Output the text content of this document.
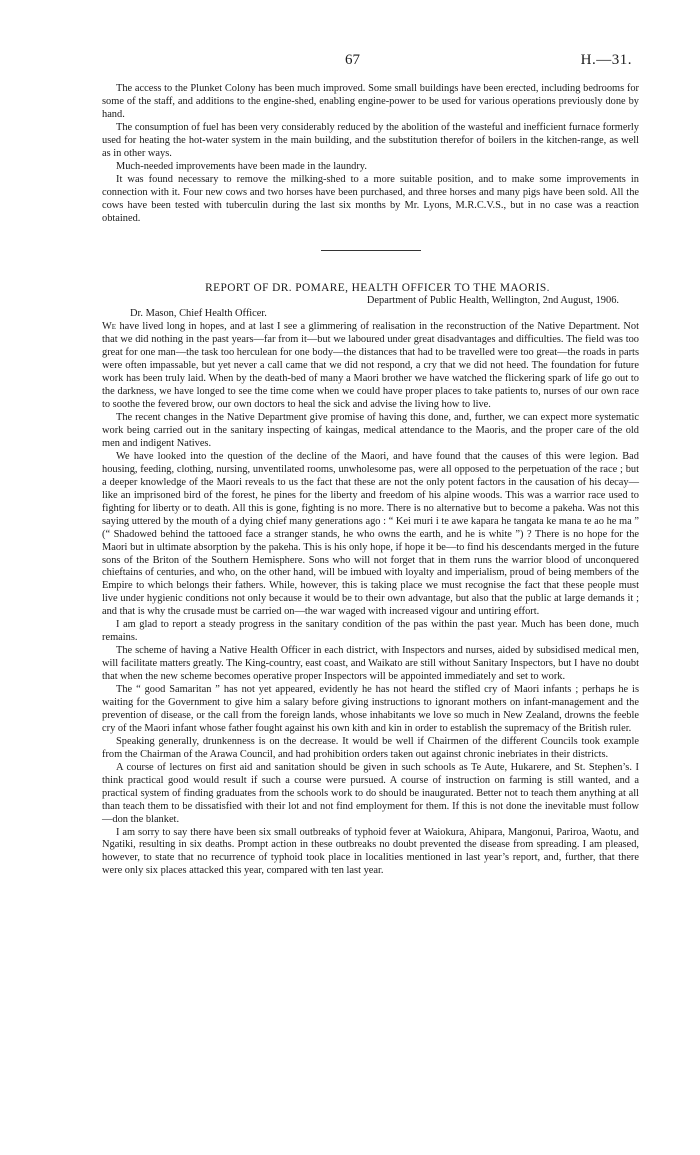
67	H.—31.

The access to the Plunket Colony has been much improved. Some small buildings have been erected, including bedrooms for some of the staff, and additions to the engine-shed, enabling engine-power to be used for various operations previously done by hand.

The consumption of fuel has been very considerably reduced by the abolition of the wasteful and inefficient furnace formerly used for heating the hot-water system in the main building, and the substitution therefor of boilers in the kitchen-range, as well as in other ways.

Much-needed improvements have been made in the laundry.

It was found necessary to remove the milking-shed to a more suitable position, and to make some improvements in connection with it. Four new cows and two horses have been purchased, and three horses and many pigs have been sold. All the cows have been tested with tuberculin during the last six months by Mr. Lyons, M.R.C.V.S., but in no case was a reaction obtained.

REPORT OF DR. POMARE, HEALTH OFFICER TO THE MAORIS.

Department of Public Health, Wellington, 2nd August, 1906.

Dr. Mason, Chief Health Officer.

We have lived long in hopes, and at last I see a glimmering of realisation in the reconstruction of the Native Department. Not that we did nothing in the past years—far from it—but we laboured under great disadvantages and difficulties. The field was too great for one man—the task too herculean for one body—the distances that had to be travelled were too great—the roads in parts were often impassable, but yet never a call came that we did not respond, a cry that we did not heed. The foundation for future work has been truly laid. When by the death-bed of many a Maori brother we have watched the flickering spark of life go out to the darkness, we have longed to see the time come when we could have proper places to take patients to, nurses of our own race to soothe the fevered brow, our own doctors to heal the sick and advise the living how to live.

The recent changes in the Native Department give promise of having this done, and, further, we can expect more systematic work being carried out in the sanitary inspecting of kaingas, medical attendance to the Maoris, and the proper care of the old men and indigent Natives.

We have looked into the question of the decline of the Maori, and have found that the causes of this were legion. Bad housing, feeding, clothing, nursing, unventilated rooms, unwholesome pas, were all opposed to the perpetuation of the race ; but a deeper knowledge of the Maori reveals to us the fact that these are not the only potent factors in the causation of his decay—like an imprisoned bird of the forest, he pines for the liberty and freedom of his alpine woods. This was a warrior race used to fighting for liberty or to death. All this is gone, fighting is no more. There is no alternative but to become a pakeha. Was not this saying uttered by the mouth of a dying chief many generations ago : “ Kei muri i te awe kapara he tangata ke mana te ao he ma ” (“ Shadowed behind the tattooed face a stranger stands, he who owns the earth, and he is white ”) ? There is no hope for the Maori but in ultimate absorption by the pakeha. This is his only hope, if hope it be—to find his descendants merged in the future sons of the Briton of the Southern Hemisphere. Sons who will not forget that in them runs the warrior blood of unconquered chieftains of centuries, and who, on the other hand, will be imbued with loyalty and imperialism, proud of being members of the Empire to which belongs their fathers. While, however, this is taking place we must recognise the fact that these people must live under hygienic conditions not only because it would be to their own advantage, but also that the public at large demands it ; and that is why the crusade must be carried on—the war waged with increased vigour and untiring effort.

I am glad to report a steady progress in the sanitary condition of the pas within the past year. Much has been done, much remains.

The scheme of having a Native Health Officer in each district, with Inspectors and nurses, aided by subsidised medical men, will facilitate matters greatly. The King-country, east coast, and Waikato are still without Sanitary Inspectors, but I have no doubt that when the new scheme becomes operative proper Inspectors will be appointed immediately and set to work.

The “ good Samaritan ” has not yet appeared, evidently he has not heard the stifled cry of Maori infants ; perhaps he is waiting for the Government to give him a salary before giving instructions to ignorant mothers on infant-management and the prevention of disease, or the call from the foreign lands, whose inhabitants we love so much in New Zealand, drowns the feeble cry of the Maori infant whose father fought against his own kith and kin in order to establish the supremacy of the British ruler.

Speaking generally, drunkenness is on the decrease. It would be well if Chairmen of the different Councils took example from the Chairman of the Arawa Council, and had prohibition orders taken out against chronic inebriates in their districts.

A course of lectures on first aid and sanitation should be given in such schools as Te Aute, Hukarere, and St. Stephen’s. I think practical good would result if such a course were pursued. A course of instruction on farming is still wanted, and a practical system of finding graduates from the schools work to do should be inaugurated. Better not to teach them anything at all than teach them to be dissatisfied with their lot and not find employment for them. If this is not done the inevitable must follow—don the blanket.

I am sorry to say there have been six small outbreaks of typhoid fever at Waiokura, Ahipara, Mangonui, Pariroa, Waotu, and Ngatiki, resulting in six deaths. Prompt action in these outbreaks no doubt prevented the disease from spreading. I am pleased, however, to state that no recurrence of typhoid took place in localities mentioned in last year’s report, and, further, that there were only six places attacked this year, compared with ten last year.
